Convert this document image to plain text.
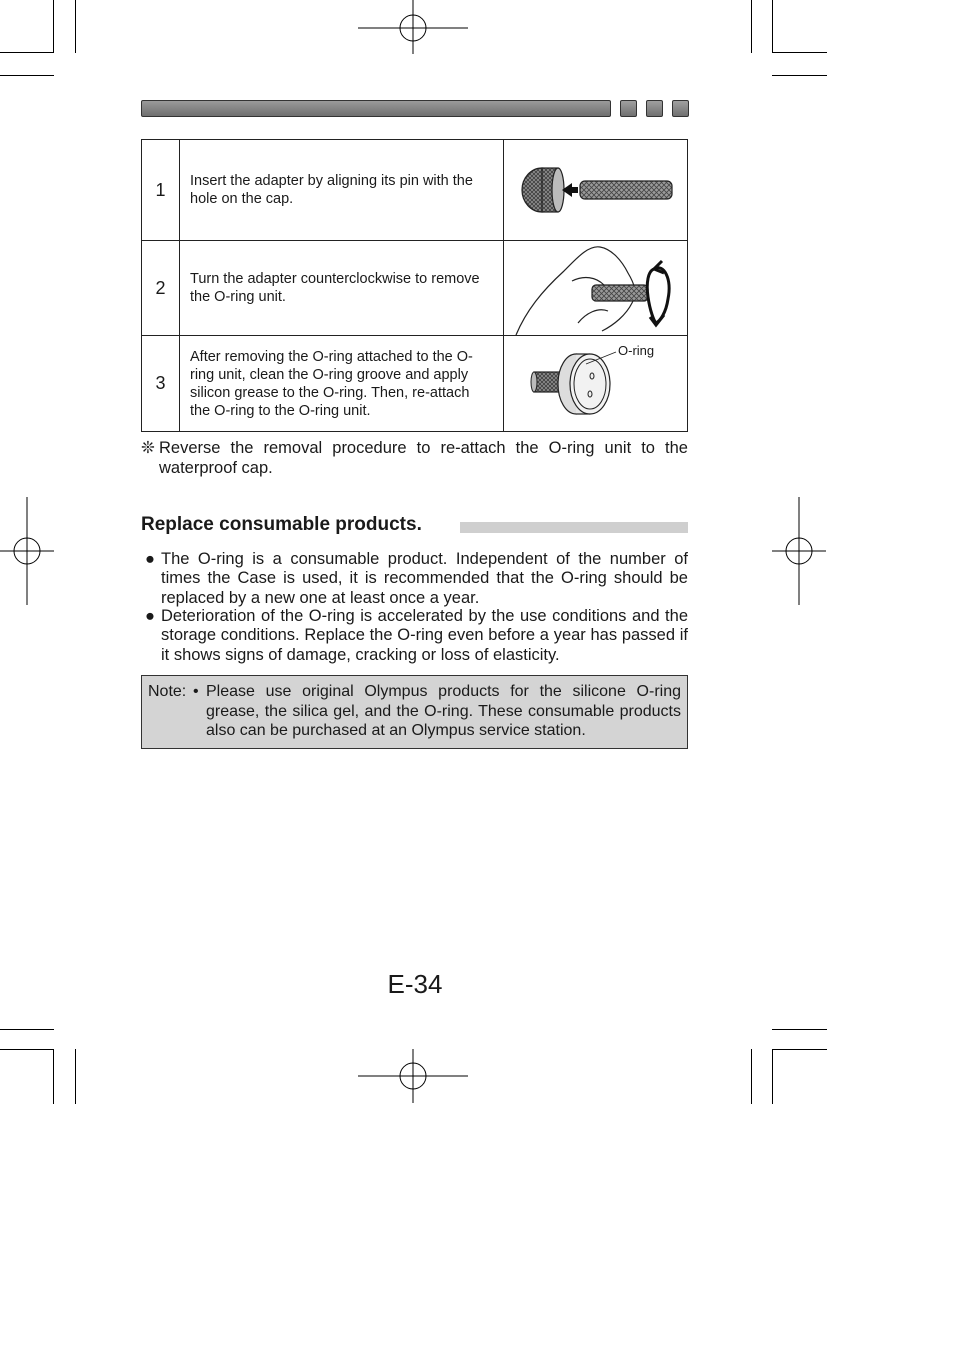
1	Insert the adapter by aligning its pin with the hole on the cap.
2	Turn the adapter counterclockwise to remove the O-ring unit.
3
After removing the O-ring attached to the O-ring unit, clean the O-ring groove and apply silicon grease to the O-ring. Then, re-attach the O-ring to the O-ring unit.
O-ring
❊ Reverse the removal procedure to re-attach the O-ring unit to the waterproof cap.
Replace consumable products.
● The O-ring is a consumable product. Independent of the number of times the Case is used, it is recommended that the O-ring should be replaced by a new one at least once a year.
● Deterioration of the O-ring is accelerated by the use conditions and the storage conditions. Replace the O-ring even before a year has passed if it shows signs of damage, cracking or loss of elasticity.
Note: • Please use original Olympus products for the silicone O-ring grease, the silica gel, and the O-ring. These consumable products also can be purchased at an Olympus service station.
E-34
